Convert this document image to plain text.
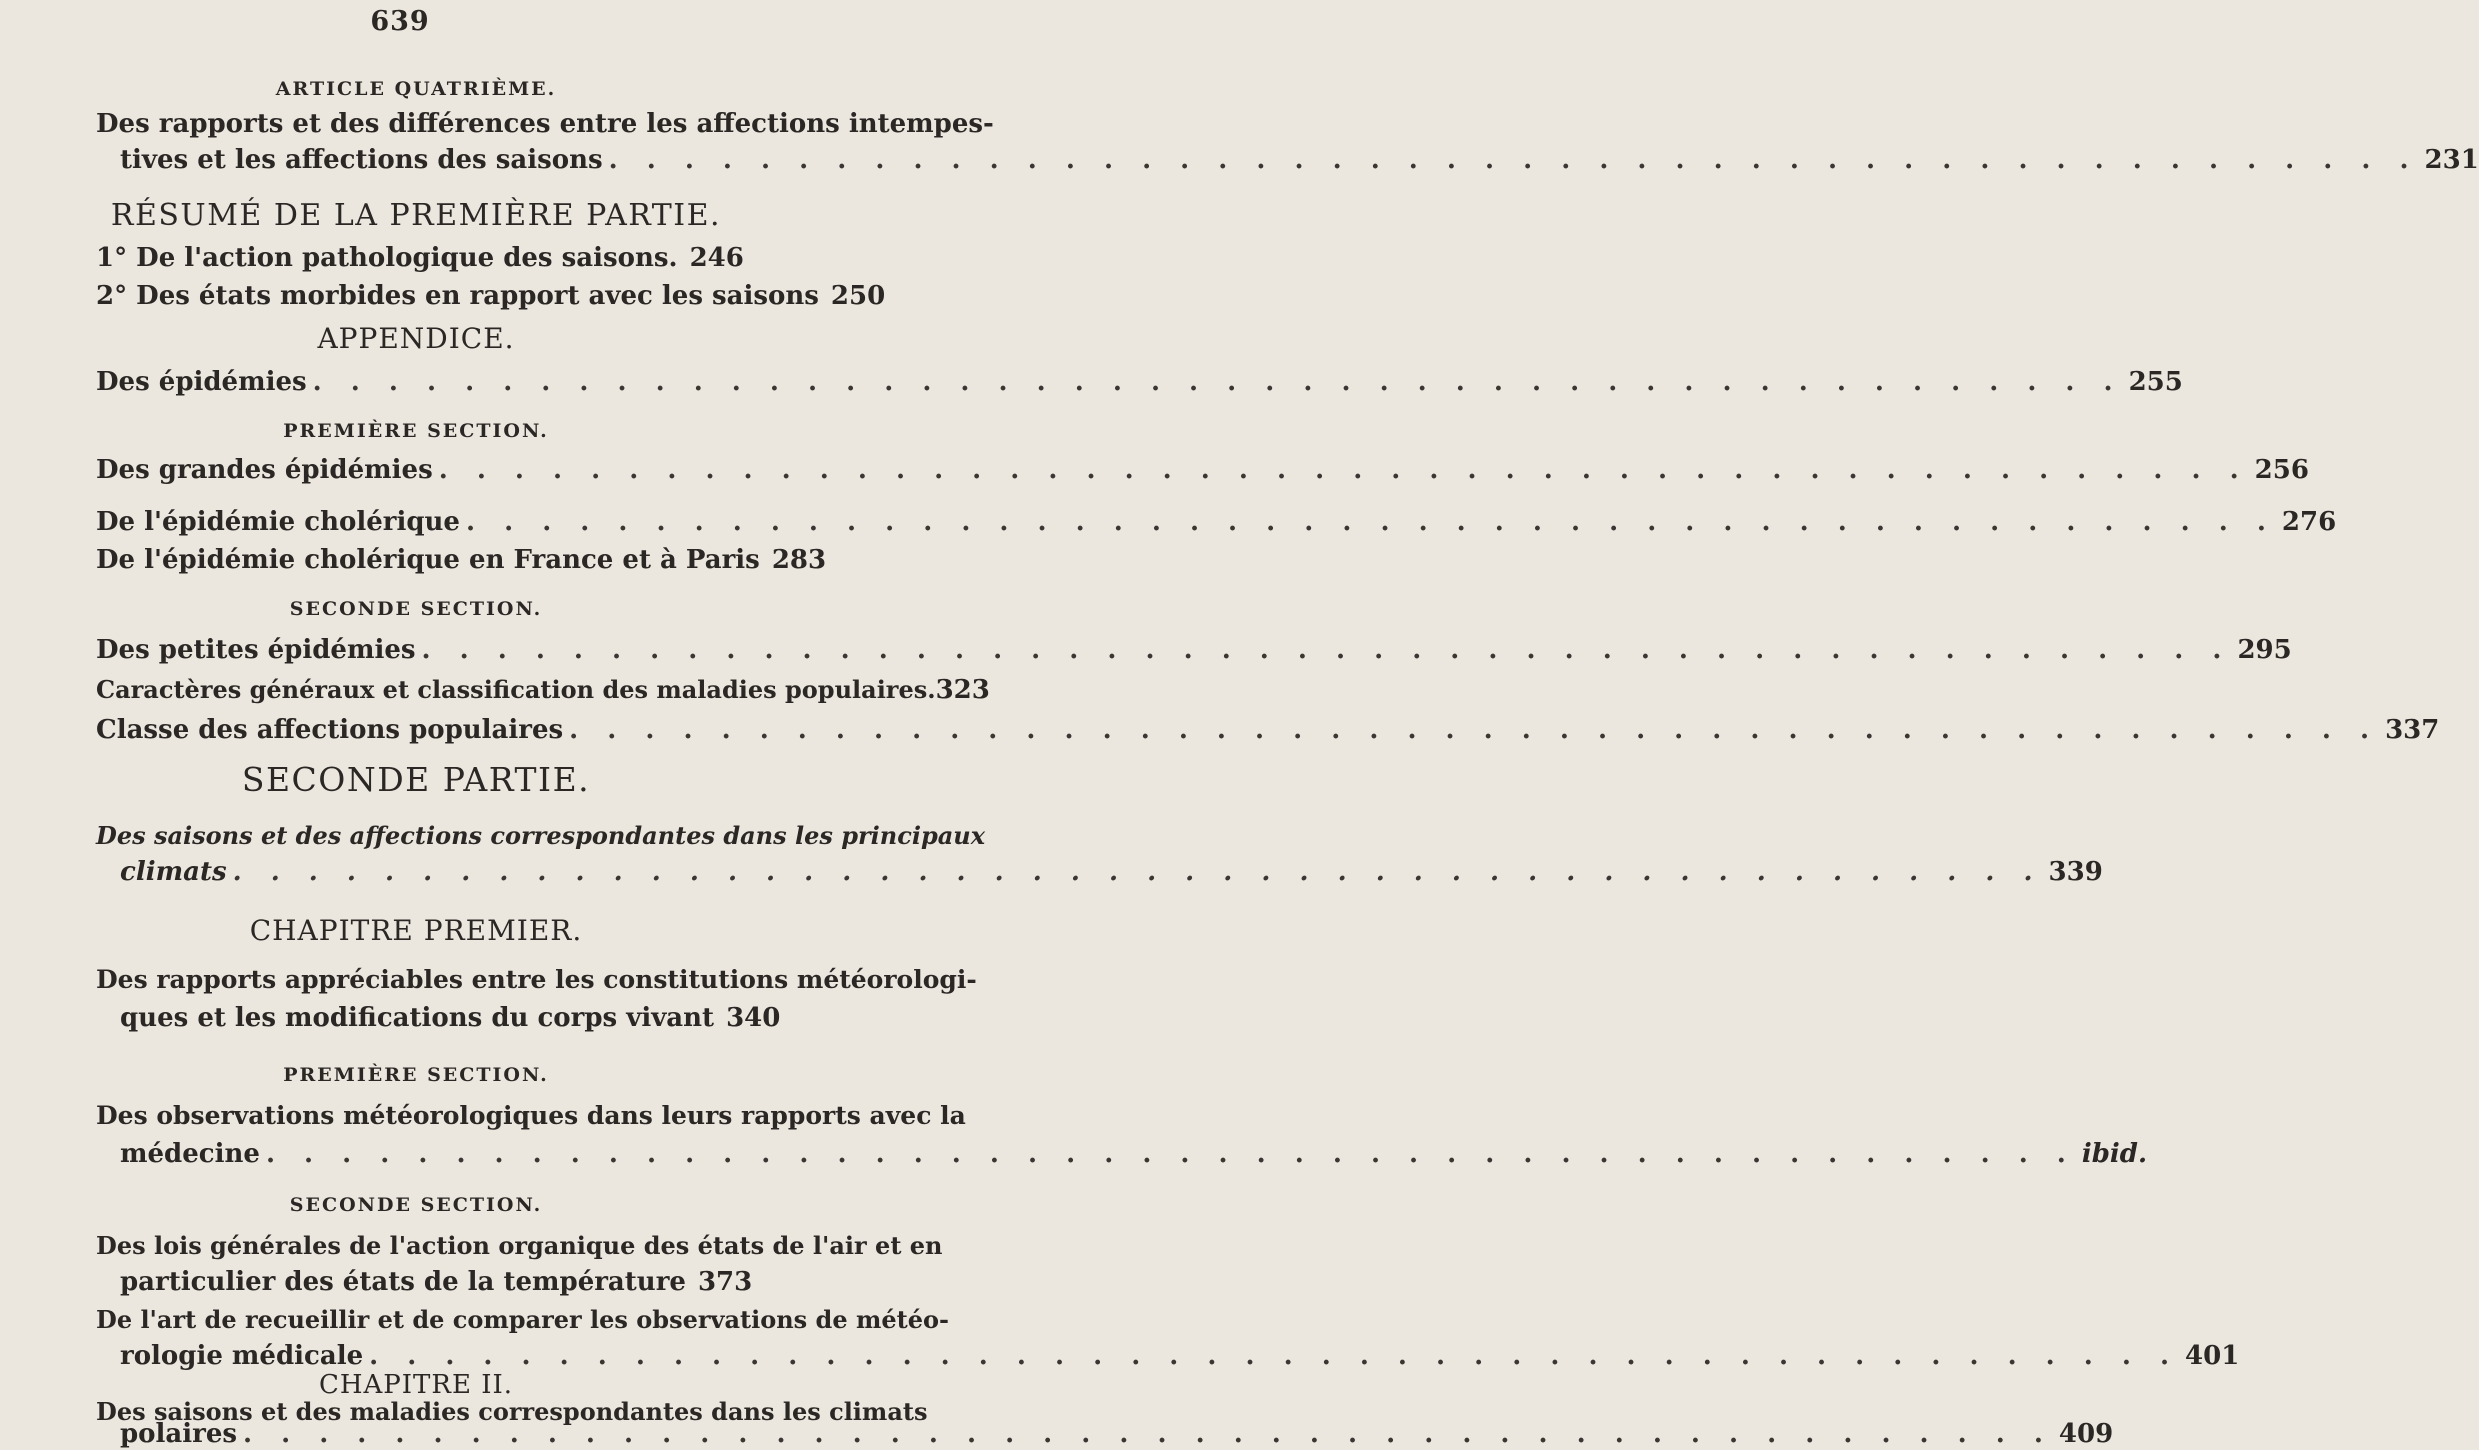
639
ARTICLE QUATRIÈME.
Des rapports et des différences entre les affections intempes-
tives et les affections des saisons . . .	231
RÉSUMÉ DE LA PREMIÈRE PARTIE.
1° De l'action pathologique des saisons. 246
2° Des états morbides en rapport avec les saisons 250
APPENDICE.
Des épidémies . . .	255
PREMIÈRE SECTION.
Des grandes épidémies . . .	256
De l'épidémie cholérique . . .	276
De l'épidémie cholérique en France et à Paris 283
SECONDE SECTION.
Des petites épidémies . . .	295
Caractères généraux et classification des maladies populaires. 323
Classe des affections populaires . . .	337
SECONDE PARTIE.
Des saisons et des affections correspondantes dans les principaux
climats . . .	339
CHAPITRE PREMIER.
Des rapports appréciables entre les constitutions météorologi-
ques et les modifications du corps vivant 340
PREMIÈRE SECTION.
Des observations météorologiques dans leurs rapports avec la
médecine . . .	ibid.
SECONDE SECTION.
Des lois générales de l'action organique des états de l'air et en
particulier des états de la température 373
De l'art de recueillir et de comparer les observations de météo-
rologie médicale . . .	401
CHAPITRE II.
Des saisons et des maladies correspondantes dans les climats
polaires . . .	409
